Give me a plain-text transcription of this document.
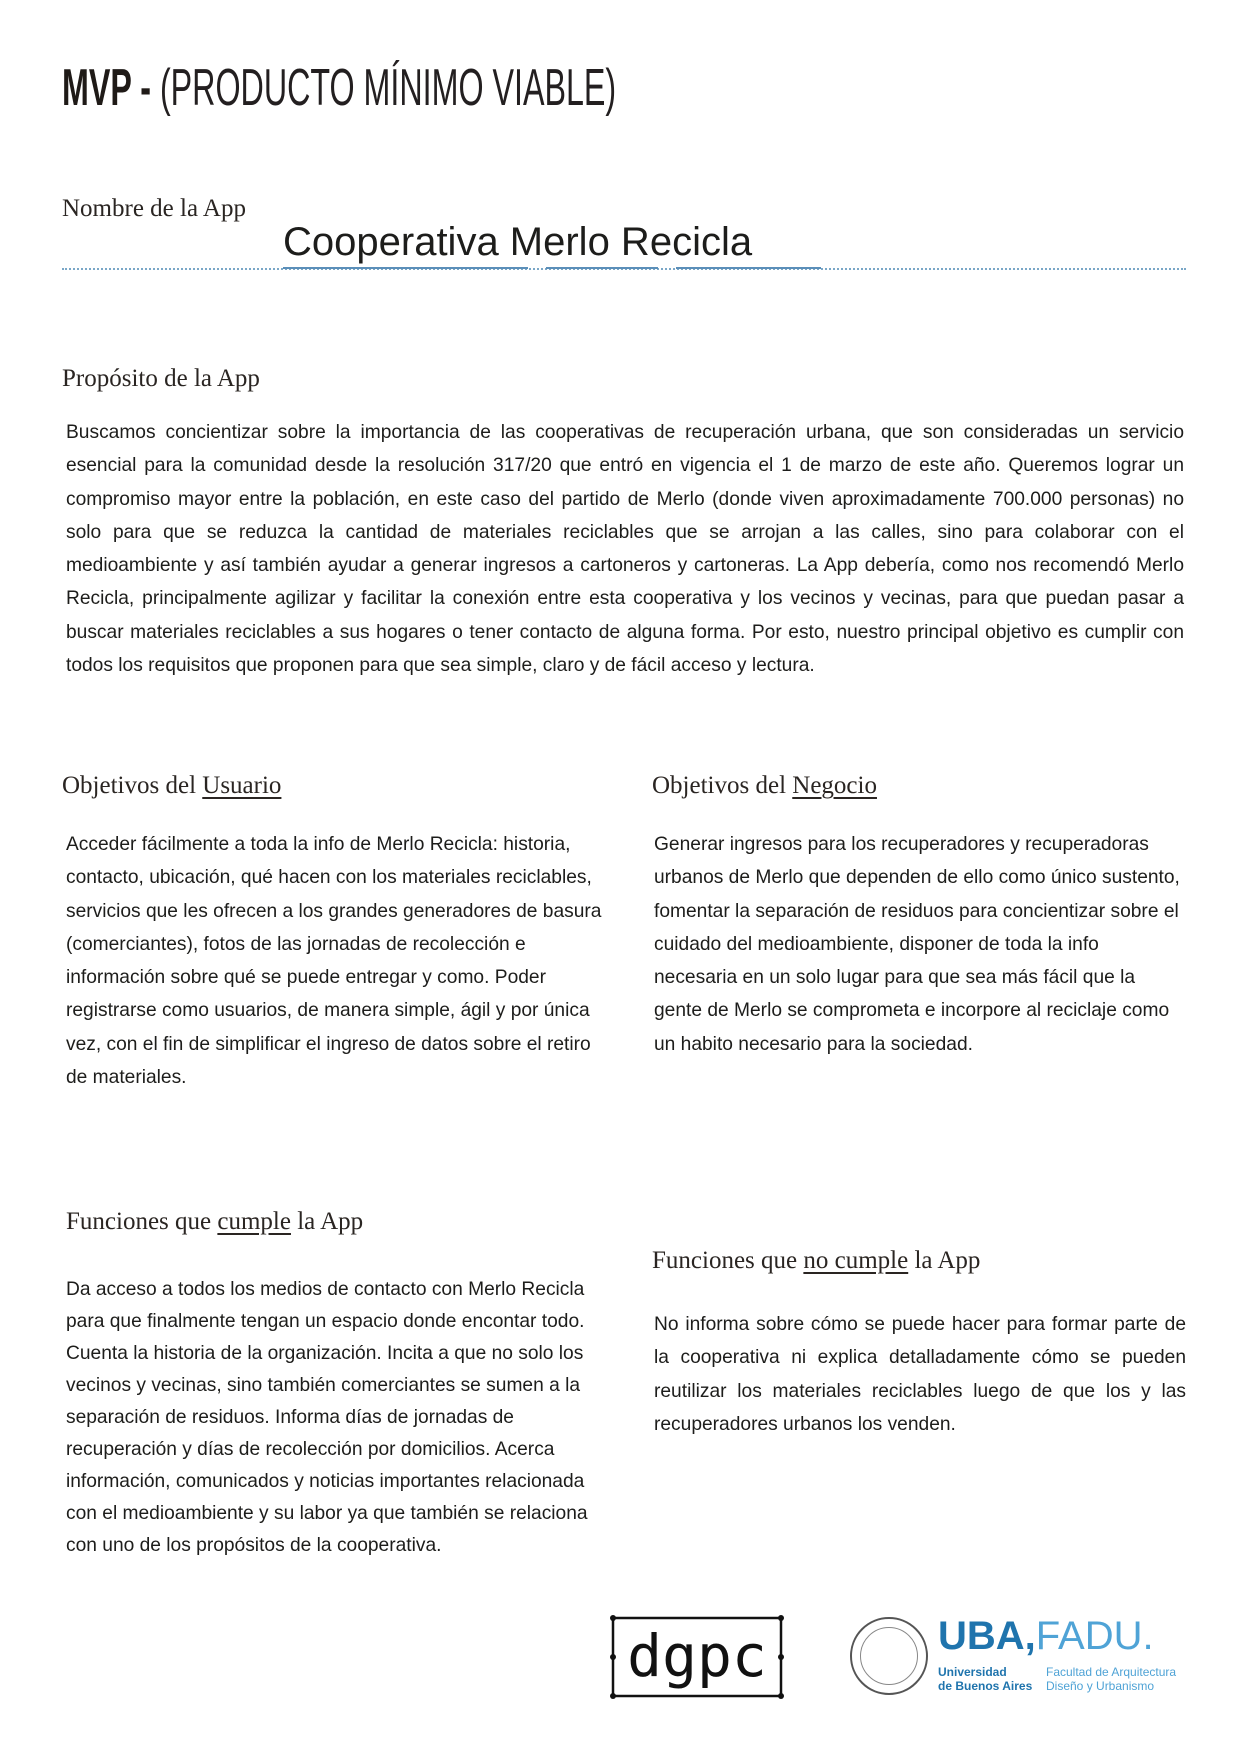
MVP - (PRODUCTO MÍNIMO VIABLE)
Nombre de la App
Cooperativa Merlo Recicla
Propósito de la App

Buscamos concientizar sobre la importancia de las cooperativas de recuperación urbana, que son consideradas un servicio esencial para la comunidad desde la resolución 317/20 que entró en vigencia el 1 de marzo de este año. Queremos lograr un compromiso mayor entre la población, en este caso del partido de Merlo (donde viven aproximadamente 700.000 personas) no solo para que se reduzca la cantidad de materiales reciclables que se arrojan a las calles, sino para colaborar con el medioambiente y así también ayudar a generar ingresos a cartoneros y cartoneras. La App debería, como nos recomendó Merlo Recicla, principalmente agilizar y facilitar la conexión entre esta cooperativa y los vecinos y vecinas, para que puedan pasar a buscar materiales reciclables a sus hogares o tener contacto de alguna forma. Por esto, nuestro principal objetivo es cumplir con todos los requisitos que proponen para que sea simple, claro y de fácil acceso y lectura.

Objetivos del Usuario

Acceder fácilmente a toda la info de Merlo Recicla: historia, contacto, ubicación, qué hacen con los materiales reciclables, servicios que les ofrecen a los grandes generadores de basura (comerciantes), fotos de las jornadas de recolección e información sobre qué se puede entregar y como. Poder registrarse como usuarios, de manera simple, ágil y por única vez, con el fin de simplificar el ingreso de datos sobre el retiro de materiales.

Objetivos del Negocio

Generar ingresos para los recuperadores y recuperadoras urbanos de Merlo que dependen de ello como único sustento, fomentar la separación de residuos para concientizar sobre el cuidado del medioambiente, disponer de toda la info necesaria en un solo lugar para que sea más fácil que la gente de Merlo se comprometa e incorpore al reciclaje como un habito necesario para la sociedad.

Funciones que cumple la App

Da acceso a todos los medios de contacto con Merlo Recicla para que finalmente tengan un espacio donde encontar todo. Cuenta la historia de la organización. Incita a que no solo los vecinos y vecinas, sino también comerciantes se sumen a la separación de residuos. Informa días de jornadas de recuperación y días de recolección por domicilios. Acerca información, comunicados y noticias importantes relacionada con el medioambiente y su labor ya que también se relaciona con uno de los propósitos de la cooperativa.

Funciones que no cumple la App

No informa sobre cómo se puede hacer para formar parte de la cooperativa ni explica detalladamente cómo se pueden reutilizar los materiales reciclables luego de que los y las recuperadores urbanos los venden.

dgpc	UBA,FADU.
Universidad
de Buenos Aires
Facultad de Arquitectura
Diseño y Urbanismo
